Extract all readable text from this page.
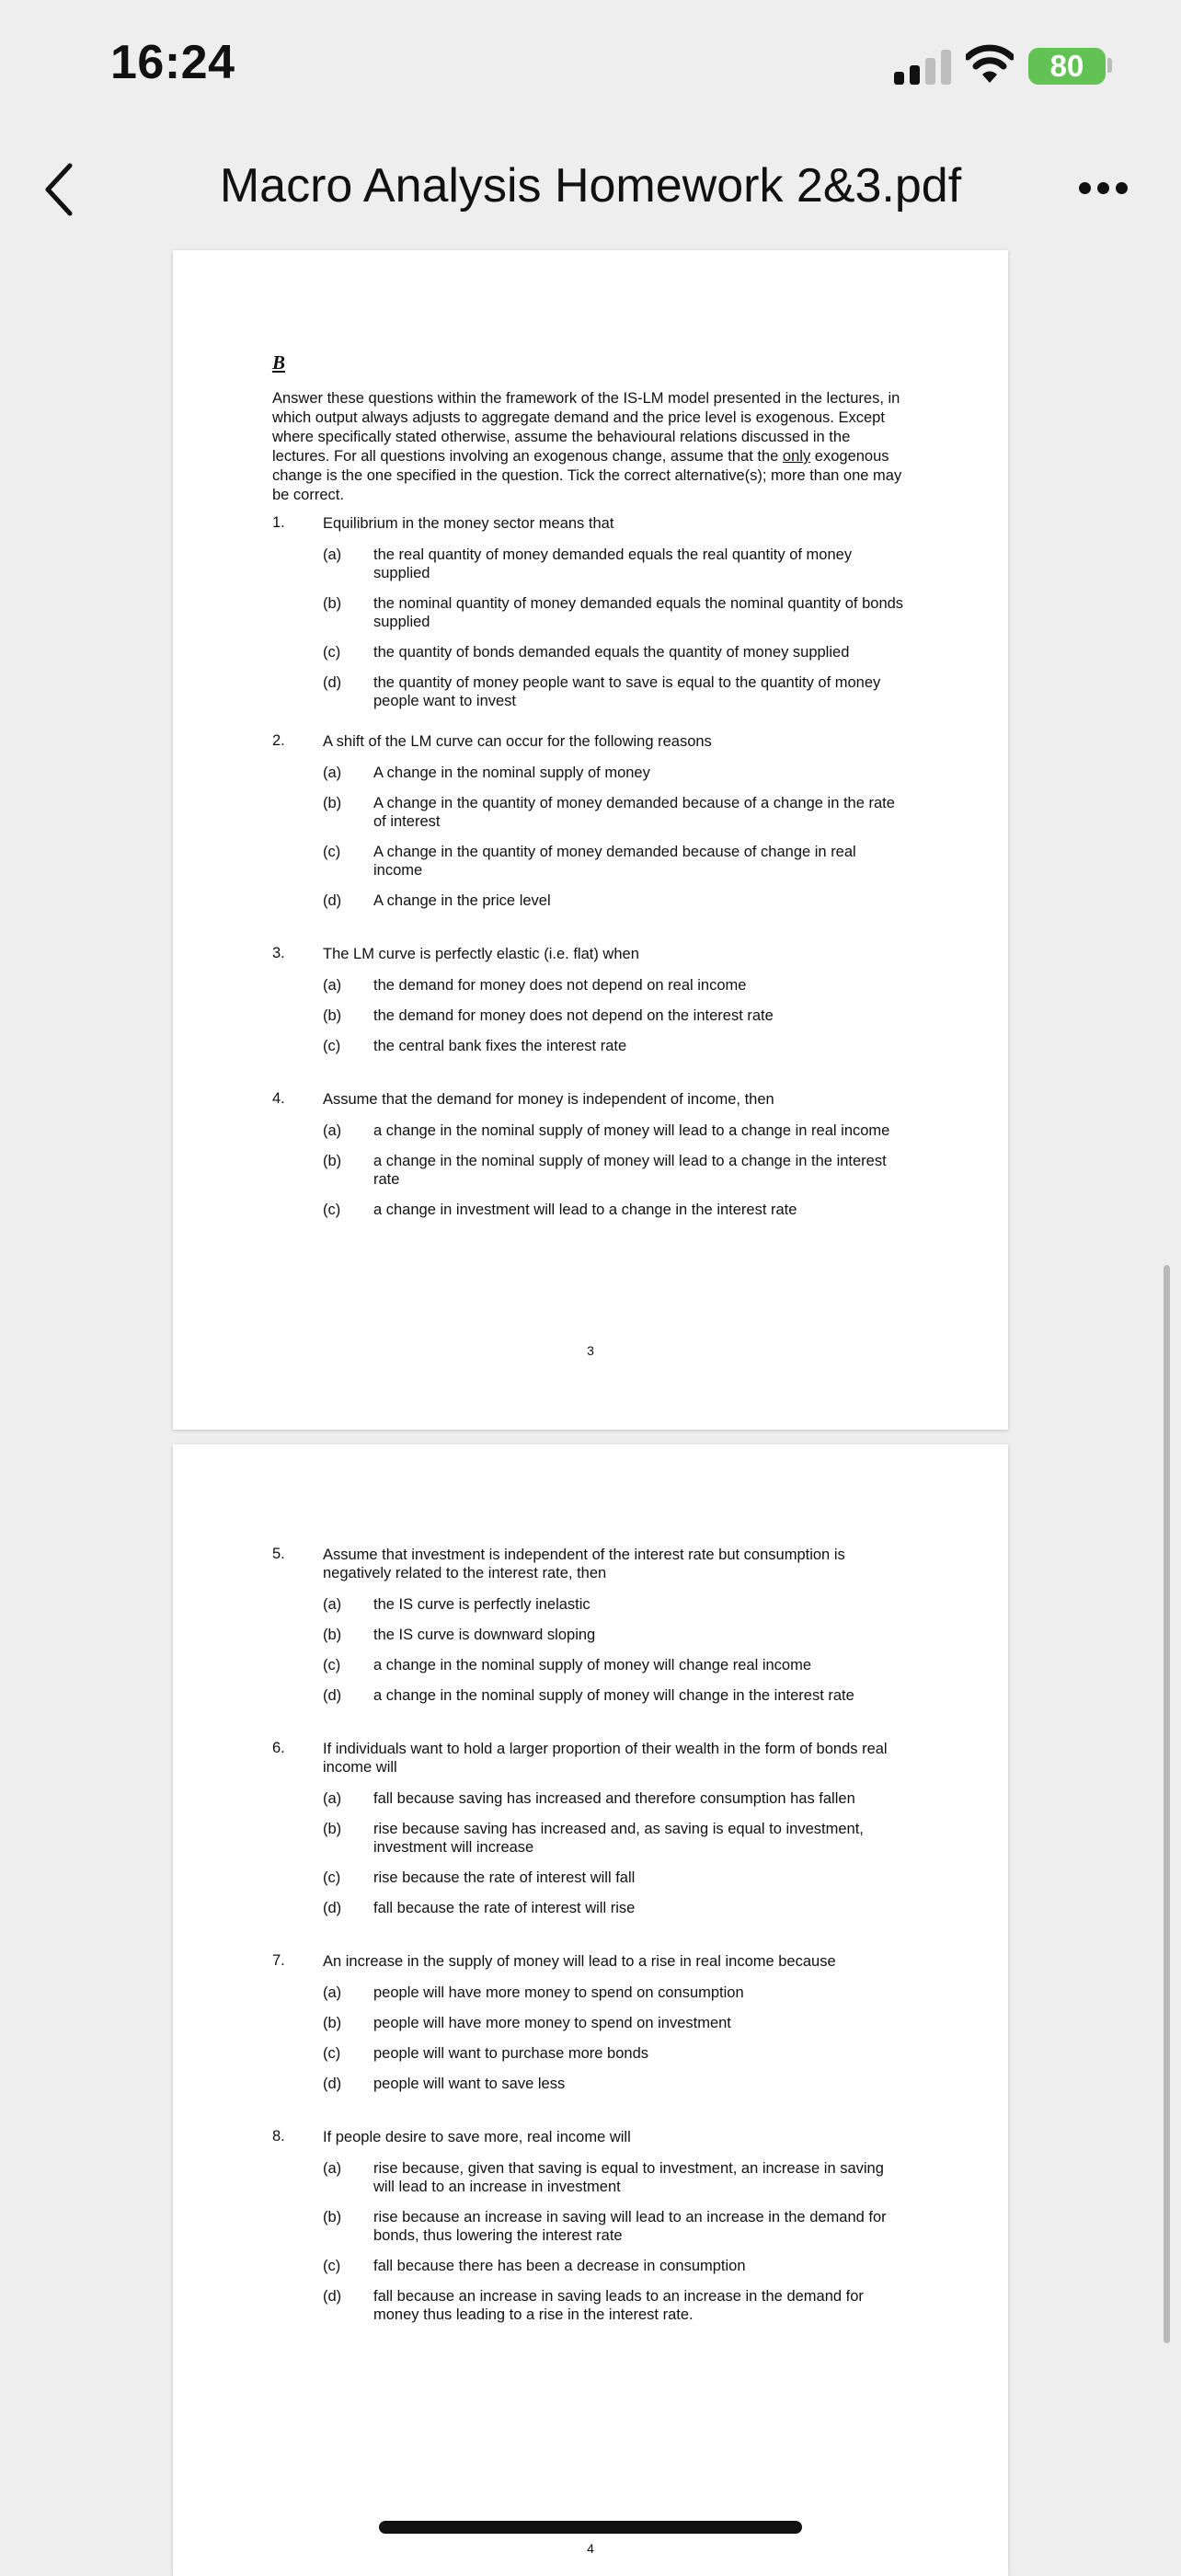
16:24	80
Macro Analysis Homework 2&3.pdf
B

Answer these questions within the framework of the IS-LM model presented in the lectures, in which output always adjusts to aggregate demand and the price level is exogenous. Except where specifically stated otherwise, assume the behavioural relations discussed in the lectures. For all questions involving an exogenous change, assume that the only exogenous change is the one specified in the question. Tick the correct alternative(s); more than one may be correct.

1. Equilibrium in the money sector means that
(a) the real quantity of money demanded equals the real quantity of money supplied
(b) the nominal quantity of money demanded equals the nominal quantity of bonds supplied
(c) the quantity of bonds demanded equals the quantity of money supplied
(d) the quantity of money people want to save is equal to the quantity of money people want to invest
2. A shift of the LM curve can occur for the following reasons
(a) A change in the nominal supply of money
(b) A change in the quantity of money demanded because of a change in the rate of interest
(c) A change in the quantity of money demanded because of change in real income
(d) A change in the price level
3. The LM curve is perfectly elastic (i.e. flat) when
(a) the demand for money does not depend on real income
(b) the demand for money does not depend on the interest rate
(c) the central bank fixes the interest rate
4. Assume that the demand for money is independent of income, then
(a) a change in the nominal supply of money will lead to a change in real income
(b) a change in the nominal supply of money will lead to a change in the interest rate
(c) a change in investment will lead to a change in the interest rate
3
5. Assume that investment is independent of the interest rate but consumption is negatively related to the interest rate, then
(a) the IS curve is perfectly inelastic
(b) the IS curve is downward sloping
(c) a change in the nominal supply of money will change real income
(d) a change in the nominal supply of money will change in the interest rate
6. If individuals want to hold a larger proportion of their wealth in the form of bonds real income will
(a) fall because saving has increased and therefore consumption has fallen
(b) rise because saving has increased and, as saving is equal to investment, investment will increase
(c) rise because the rate of interest will fall
(d) fall because the rate of interest will rise
7. An increase in the supply of money will lead to a rise in real income because
(a) people will have more money to spend on consumption
(b) people will have more money to spend on investment
(c) people will want to purchase more bonds
(d) people will want to save less
8. If people desire to save more, real income will
(a) rise because, given that saving is equal to investment, an increase in saving will lead to an increase in investment
(b) rise because an increase in saving will lead to an increase in the demand for bonds, thus lowering the interest rate
(c) fall because there has been a decrease in consumption
(d) fall because an increase in saving leads to an increase in the demand for money thus leading to a rise in the interest rate.
4
